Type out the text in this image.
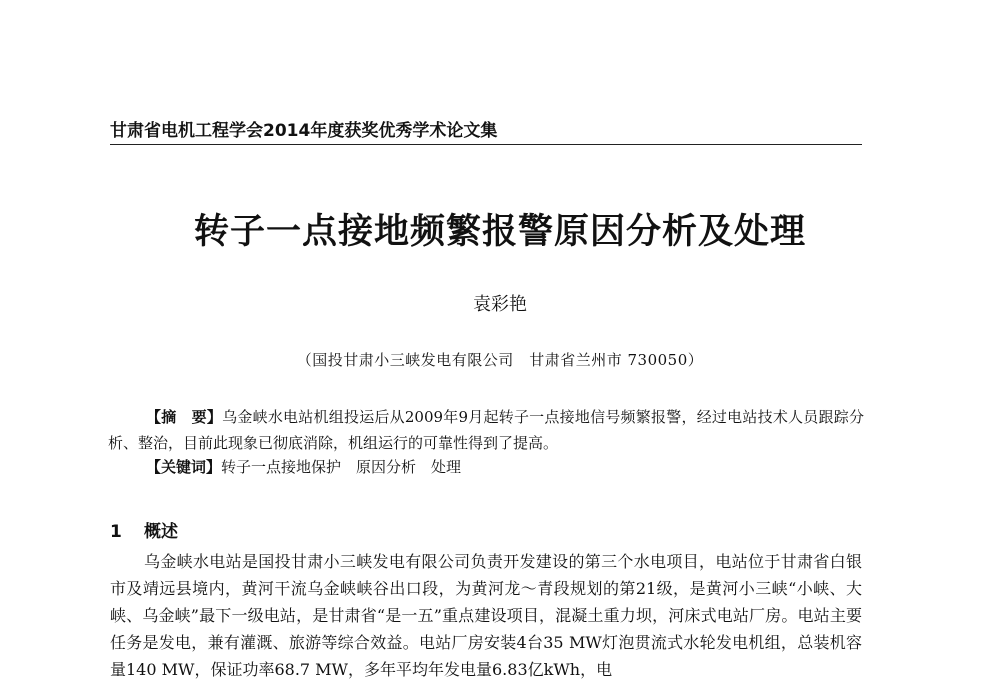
甘肃省电机工程学会2014年度获奖优秀学术论文集
转子一点接地频繁报警原因分析及处理
袁彩艳
（国投甘肃小三峡发电有限公司　甘肃省兰州市 730050）

【摘　要】乌金峡水电站机组投运后从2009年9月起转子一点接地信号频繁报警，经过电站技术人员跟踪分析、整治，目前此现象已彻底消除，机组运行的可靠性得到了提高。

【关键词】转子一点接地保护　原因分析　处理
1 概述

乌金峡水电站是国投甘肃小三峡发电有限公司负责开发建设的第三个水电项目，电站位于甘肃省白银市及靖远县境内，黄河干流乌金峡峡谷出口段，为黄河龙～青段规划的第21级，是黄河小三峡“小峡、大峡、乌金峡”最下一级电站，是甘肃省“是一五”重点建设项目，混凝土重力坝，河床式电站厂房。电站主要任务是发电，兼有灌溉、旅游等综合效益。电站厂房安装4台35 MW灯泡贯流式水轮发电机组，总装机容量140 MW，保证功率68.7 MW，多年平均年发电量6.83亿kWh，电
